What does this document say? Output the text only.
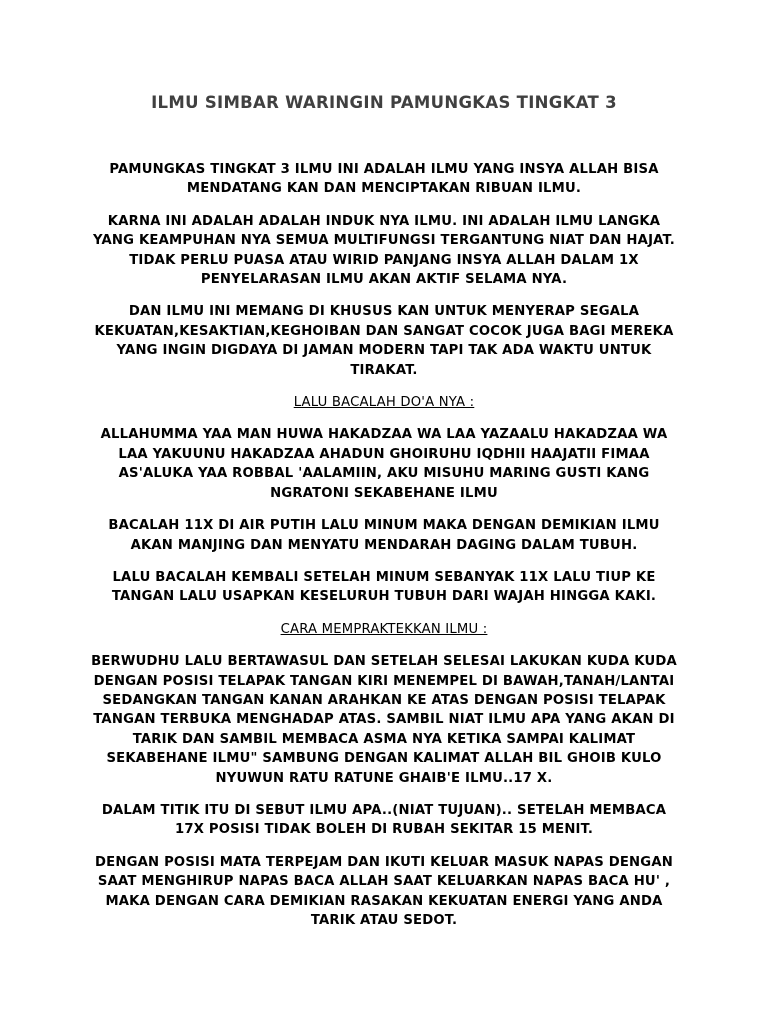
ILMU SIMBAR WARINGIN PAMUNGKAS TINGKAT 3

PAMUNGKAS TINGKAT 3 ILMU INI ADALAH ILMU YANG INSYA ALLAH BISA MENDATANG KAN DAN MENCIPTAKAN RIBUAN ILMU.

KARNA INI ADALAH ADALAH INDUK NYA ILMU. INI ADALAH ILMU LANGKA YANG KEAMPUHAN NYA SEMUA MULTIFUNGSI TERGANTUNG NIAT DAN HAJAT. TIDAK PERLU PUASA ATAU WIRID PANJANG INSYA ALLAH DALAM 1X PENYELARASAN ILMU AKAN AKTIF SELAMA NYA.

DAN ILMU INI MEMANG DI KHUSUS KAN UNTUK MENYERAP SEGALA KEKUATAN,KESAKTIAN,KEGHOIBAN DAN SANGAT COCOK JUGA BAGI MEREKA YANG INGIN DIGDAYA DI JAMAN MODERN TAPI TAK ADA WAKTU UNTUK TIRAKAT.

LALU BACALAH DO'A NYA :

ALLAHUMMA YAA MAN HUWA HAKADZAA WA LAA YAZAALU HAKADZAA WA LAA YAKUUNU HAKADZAA AHADUN GHOIRUHU IQDHII HAAJATII FIMAA AS'ALUKA YAA ROBBAL 'AALAMIIN, AKU MISUHU MARING GUSTI KANG NGRATONI SEKABEHANE ILMU

BACALAH 11X DI AIR PUTIH LALU MINUM MAKA DENGAN DEMIKIAN ILMU AKAN MANJING DAN MENYATU MENDARAH DAGING DALAM TUBUH.

LALU BACALAH KEMBALI SETELAH MINUM SEBANYAK 11X LALU TIUP KE TANGAN LALU USAPKAN KESELURUH TUBUH DARI WAJAH HINGGA KAKI.

CARA MEMPRAKTEKKAN ILMU :

BERWUDHU LALU BERTAWASUL DAN SETELAH SELESAI LAKUKAN KUDA KUDA DENGAN POSISI TELAPAK TANGAN KIRI MENEMPEL DI BAWAH,TANAH/LANTAI SEDANGKAN TANGAN KANAN ARAHKAN KE ATAS DENGAN POSISI TELAPAK TANGAN TERBUKA MENGHADAP ATAS. SAMBIL NIAT ILMU APA YANG AKAN DI TARIK DAN SAMBIL MEMBACA ASMA NYA KETIKA SAMPAI KALIMAT SEKABEHANE ILMU" SAMBUNG DENGAN KALIMAT ALLAH BIL GHOIB KULO NYUWUN RATU RATUNE GHAIB'E ILMU..17 X.

DALAM TITIK ITU DI SEBUT ILMU APA..(NIAT TUJUAN).. SETELAH MEMBACA 17X POSISI TIDAK BOLEH DI RUBAH SEKITAR 15 MENIT.

DENGAN POSISI MATA TERPEJAM DAN IKUTI KELUAR MASUK NAPAS DENGAN SAAT MENGHIRUP NAPAS BACA ALLAH SAAT KELUARKAN NAPAS BACA HU' , MAKA DENGAN CARA DEMIKIAN RASAKAN KEKUATAN ENERGI YANG ANDA TARIK ATAU SEDOT.
